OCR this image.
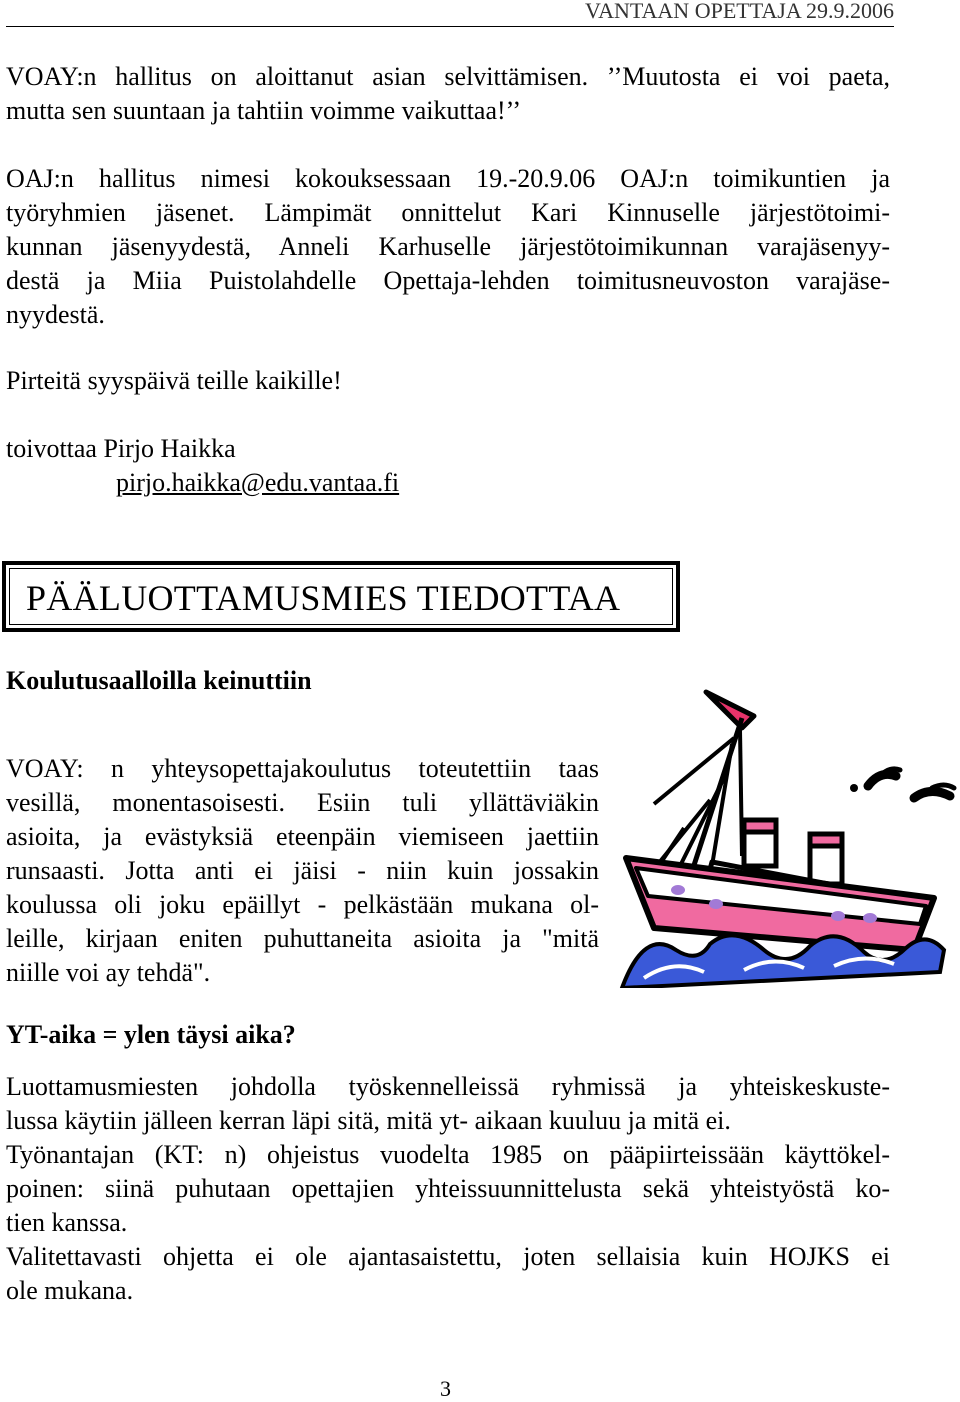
VANTAAN OPETTAJA 29.9.2006
VOAY:n hallitus on aloittanut asian selvittämisen. ’’Muutosta ei voi paeta,
mutta sen suuntaan ja tahtiin voimme vaikuttaa!’’
OAJ:n hallitus nimesi kokouksessaan 19.-20.9.06 OAJ:n toimikuntien ja
työryhmien jäsenet. Lämpimät onnittelut Kari Kinnuselle järjestötoimi-
kunnan jäsenyydestä, Anneli Karhuselle järjestötoimikunnan varajäsenyy-
destä ja Miia Puistolahdelle Opettaja-lehden toimitusneuvoston varajäse-
nyydestä.
Pirteitä syyspäivä teille kaikille!
toivottaa Pirjo Haikka
pirjo.haikka@edu.vantaa.fi
PÄÄLUOTTAMUSMIES TIEDOTTAA
Koulutusaalloilla keinuttiin
VOAY: n yhteysopettajakoulutus toteutettiin taas
vesillä, monentasoisesti. Esiin tuli yllättäviäkin
asioita, ja evästyksiä eteenpäin viemiseen jaettiin
runsaasti. Jotta anti ei jäisi - niin kuin jossakin
koulussa oli joku epäillyt - pelkästään mukana ol-
leille, kirjaan eniten puhuttaneita asioita ja "mitä
niille voi ay tehdä".
YT-aika = ylen täysi aika?
Luottamusmiesten johdolla työskennelleissä ryhmissä ja yhteiskeskuste-
lussa käytiin jälleen kerran läpi sitä, mitä yt- aikaan kuuluu ja mitä ei.
Työnantajan (KT: n) ohjeistus vuodelta 1985 on pääpiirteissään käyttökel-
poinen: siinä puhutaan opettajien yhteissuunnittelusta sekä yhteistyöstä ko-
tien kanssa.
Valitettavasti ohjetta ei ole ajantasaistettu, joten sellaisia kuin HOJKS ei
ole mukana.
3
